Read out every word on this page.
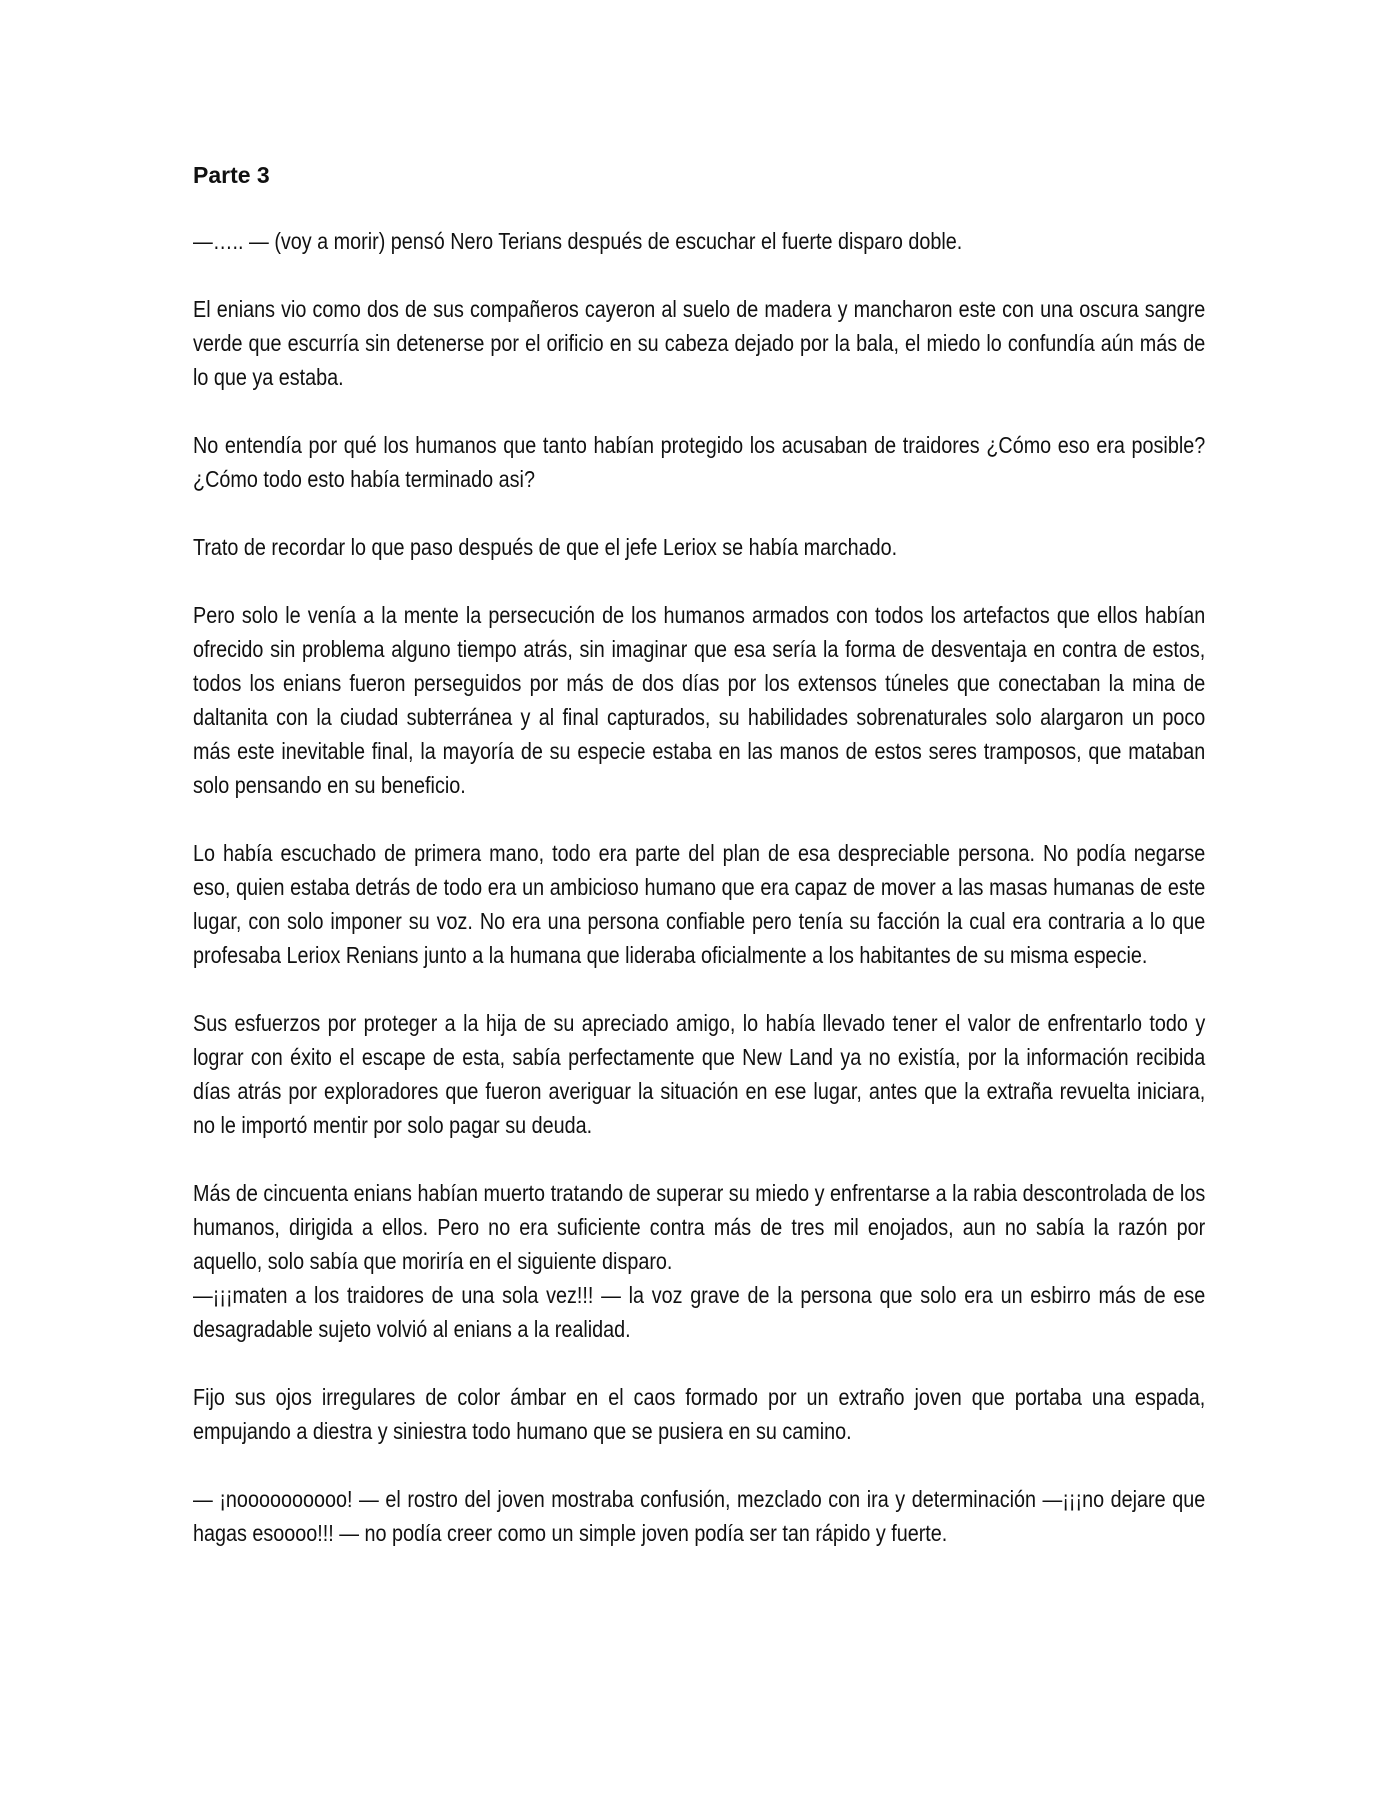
Parte 3
—….. — (voy a morir) pensó Nero Terians después de escuchar el fuerte disparo doble.
El enians vio como dos de sus compañeros cayeron al suelo de madera y mancharon este con una oscura sangre verde que escurría sin detenerse por el orificio en su cabeza dejado por la bala, el miedo lo confundía aún más de lo que ya estaba.
No entendía por qué los humanos que tanto habían protegido los acusaban de traidores ¿Cómo eso era posible? ¿Cómo todo esto había terminado asi?
Trato de recordar lo que paso después de que el jefe Leriox se había marchado.
Pero solo le venía a la mente la persecución de los humanos armados con todos los artefactos que ellos habían ofrecido sin problema alguno tiempo atrás, sin imaginar que esa sería la forma de desventaja en contra de estos, todos los enians fueron perseguidos por más de dos días por los extensos túneles que conectaban la mina de daltanita con la ciudad subterránea y al final capturados, su habilidades sobrenaturales solo alargaron un poco más este inevitable final, la mayoría de su especie estaba en las manos de estos seres tramposos, que mataban solo pensando en su beneficio.
Lo había escuchado de primera mano, todo era parte del plan de esa despreciable persona. No podía negarse eso, quien estaba detrás de todo era un ambicioso humano que era capaz de mover a las masas humanas de este lugar, con solo imponer su voz. No era una persona confiable pero tenía su facción la cual era contraria a lo que profesaba Leriox Renians junto a la humana que lideraba oficialmente a los habitantes de su misma especie.
Sus esfuerzos por proteger a la hija de su apreciado amigo, lo había llevado tener el valor de enfrentarlo todo y lograr con éxito el escape de esta, sabía perfectamente que New Land ya no existía, por la información recibida días atrás por exploradores que fueron averiguar la situación en ese lugar, antes que la extraña revuelta iniciara, no le importó mentir por solo pagar su deuda.
Más de cincuenta enians habían muerto tratando de superar su miedo y enfrentarse a la rabia descontrolada de los humanos, dirigida a ellos. Pero no era suficiente contra más de tres mil enojados, aun no sabía la razón por aquello, solo sabía que moriría en el siguiente disparo.
—¡¡¡maten a los traidores de una sola vez!!! — la voz grave de la persona que solo era un esbirro más de ese desagradable sujeto volvió al enians a la realidad.
Fijo sus ojos irregulares de color ámbar en el caos formado por un extraño joven que portaba una espada, empujando a diestra y siniestra todo humano que se pusiera en su camino.
— ¡noooooooooo! — el rostro del joven mostraba confusión, mezclado con ira y determinación —¡¡¡no dejare que hagas esoooo!!! — no podía creer como un simple joven podía ser tan rápido y fuerte.
